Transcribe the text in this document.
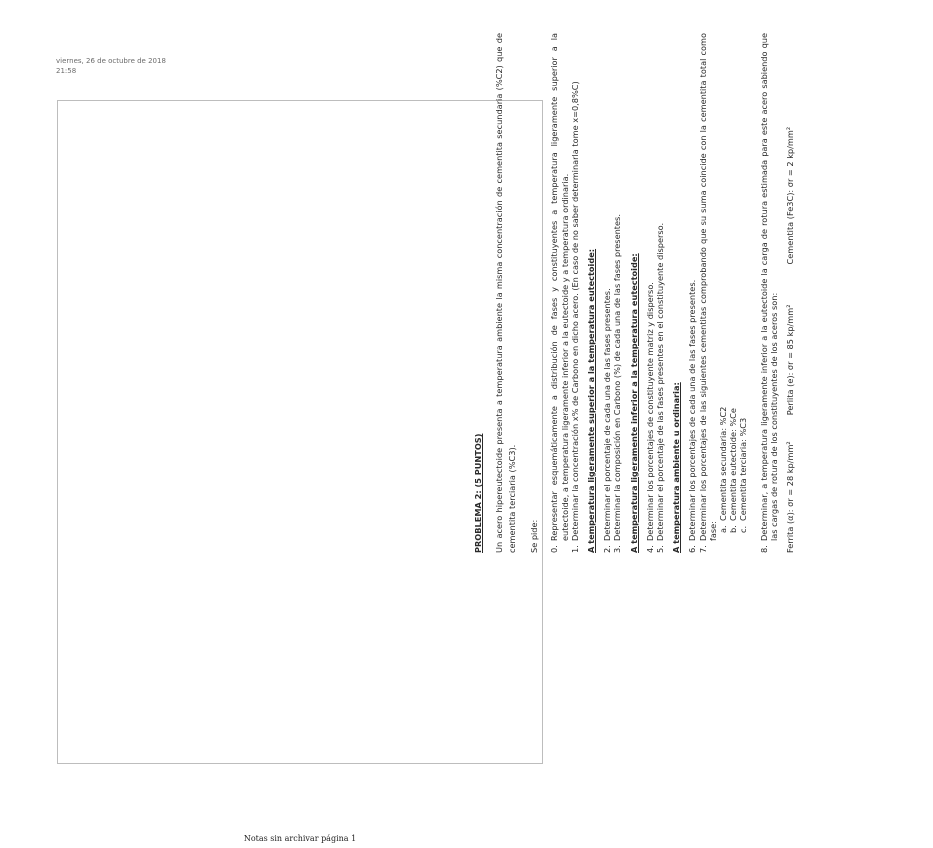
viernes, 26 de octubre de 2018
21:58

PROBLEMA 2: (5 PUNTOS) Un acero hipereutectoide presenta a temperatura ambiente la misma concentración de cementita secundaria (%C2) que de cementita terciaria (%C3). Se pide: 0.
Representar esquemáticamente a distribución de fases y constituyentes a temperatura ligeramente superior a la eutectoide, a temperatura ligeramente inferior a la eutectoide y a temperatura ordinaria.
1.
Determinar la concentración x% de Carbono en dicho acero. (En caso de no saber determinarla tome x=0,8%C) A temperatura ligeramente superior a la temperatura eutectoide: 2.
Determinar el porcentaje de cada una de las fases presentes.
3.
Determinar la composición en Carbono (%) de cada una de las fases presentes. A temperatura ligeramente inferior a la temperatura eutectoide: 4.
Determinar los porcentajes de constituyente matriz y disperso.
5.
Determinar el porcentaje de las fases presentes en el constituyente disperso. A temperatura ambiente u ordinaria: 6.
Determinar los porcentajes de cada una de las fases presentes.
7.
Determinar los porcentajes de las siguientes cementitas comprobando que su suma coincide con la cementita total como fase: a.
Cementita secundaria: %C2
b.
Cementita eutectoide: %Ce
c.
Cementita terciaria: %C3
8.
Determinar, a temperatura ligeramente inferior a la eutectoide la carga de rotura estimada para este acero sabiendo que las cargas de rotura de los constituyentes de los aceros son: Ferrita (α): σr = 28 kp/mm²
Perlita (e): σr = 85 kp/mm²
Cementita (Fe3C): σr = 2 kp/mm²
Notas sin archivar página 1
